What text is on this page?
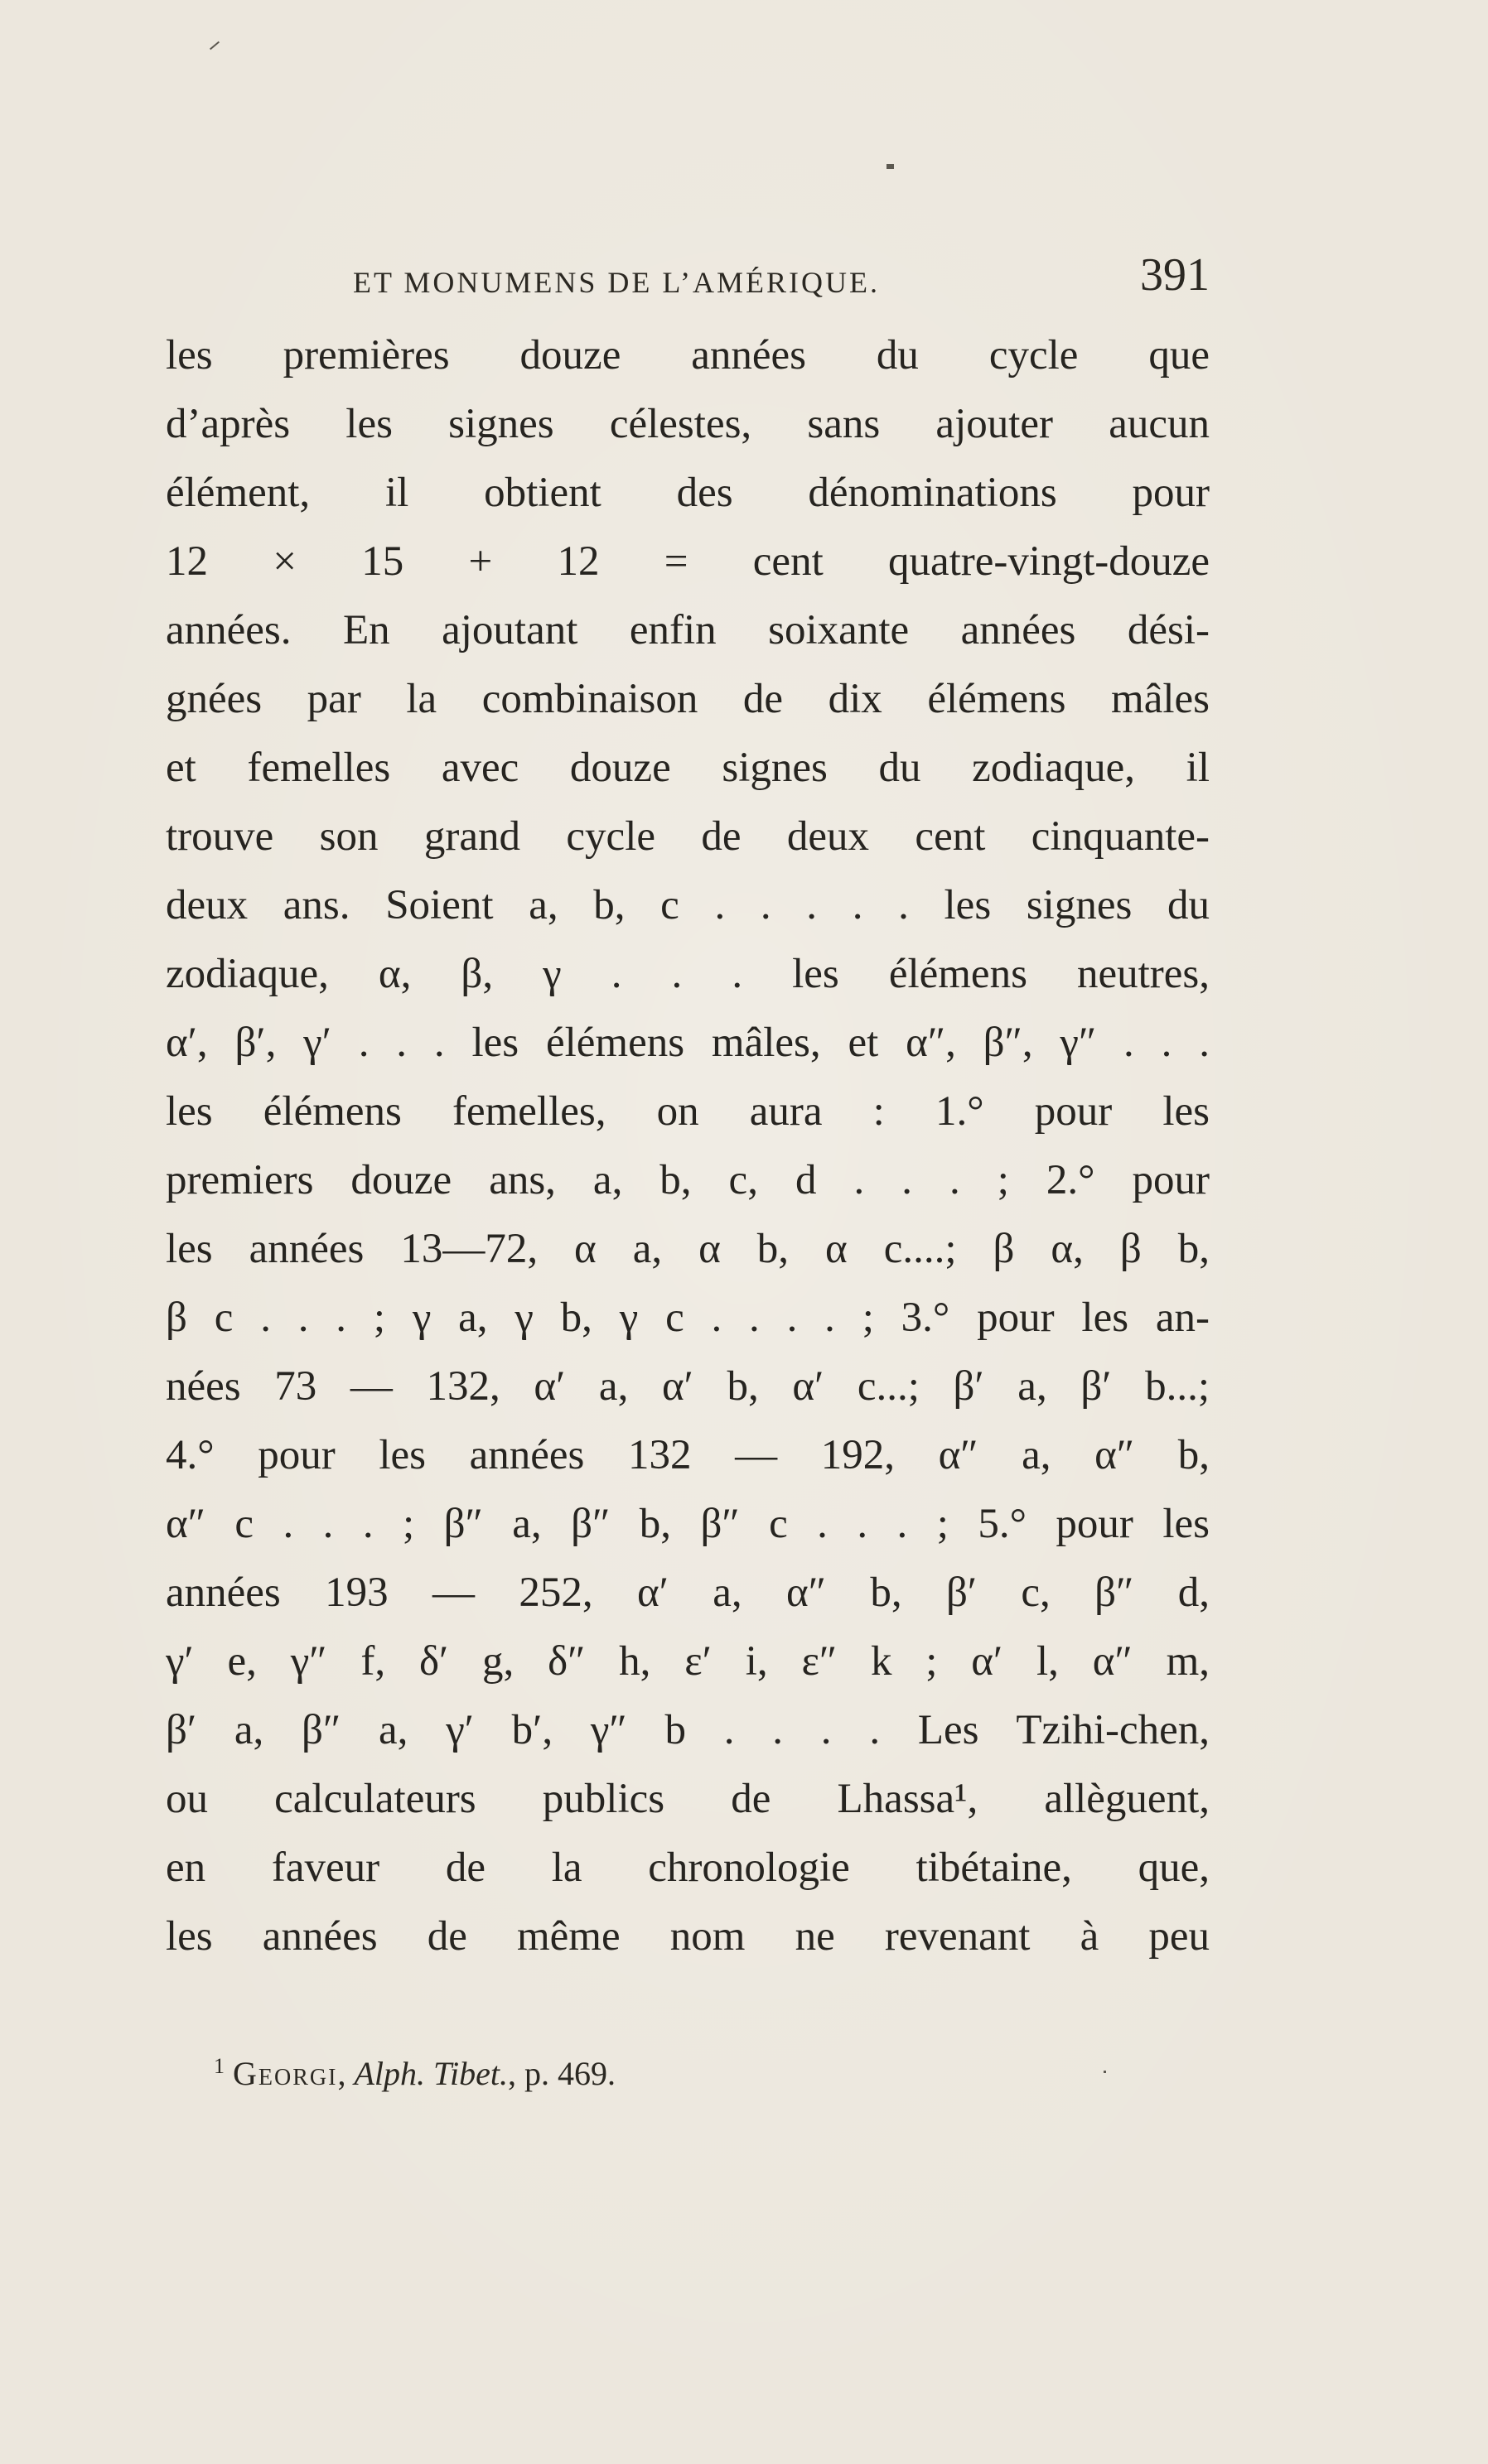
ET MONUMENS DE L’AMÉRIQUE.	391
les premières douze années du cycle que
d’après les signes célestes, sans ajouter aucun
élément, il obtient des dénominations pour
12 × 15 + 12 = cent quatre-vingt-douze
années. En ajoutant enfin soixante années dési-
gnées par la combinaison de dix élémens mâles
et femelles avec douze signes du zodiaque, il
trouve son grand cycle de deux cent cinquante-
deux ans. Soient a, b, c . . . . . les signes du
zodiaque, α, β, γ . . . les élémens neutres,
α′, β′, γ′ . . . les élémens mâles, et α″, β″, γ″ . . .
les élémens femelles, on aura : 1.° pour les
premiers douze ans, a, b, c, d . . . ; 2.° pour
les années 13—72, α a, α b, α c....; β α, β b,
β c . . . ; γ a, γ b, γ c . . . . ; 3.° pour les an-
nées 73 — 132, α′ a, α′ b, α′ c...; β′ a, β′ b...;
4.° pour les années 132 — 192, α″ a, α″ b,
α″ c . . . ; β″ a, β″ b, β″ c . . . ; 5.° pour les
années 193 — 252, α′ a, α″ b, β′ c, β″ d,
γ′ e, γ″ f, δ′ g, δ″ h, ε′ i, ε″ k ; α′ l, α″ m,
β′ a, β″ a, γ′ b′, γ″ b . . . . Les Tzihi-chen,
ou calculateurs publics de Lhassa¹, allèguent,
en faveur de la chronologie tibétaine, que,
les années de même nom ne revenant à peu
$^1$ Georgi, Alph. Tibet., p. 469.
